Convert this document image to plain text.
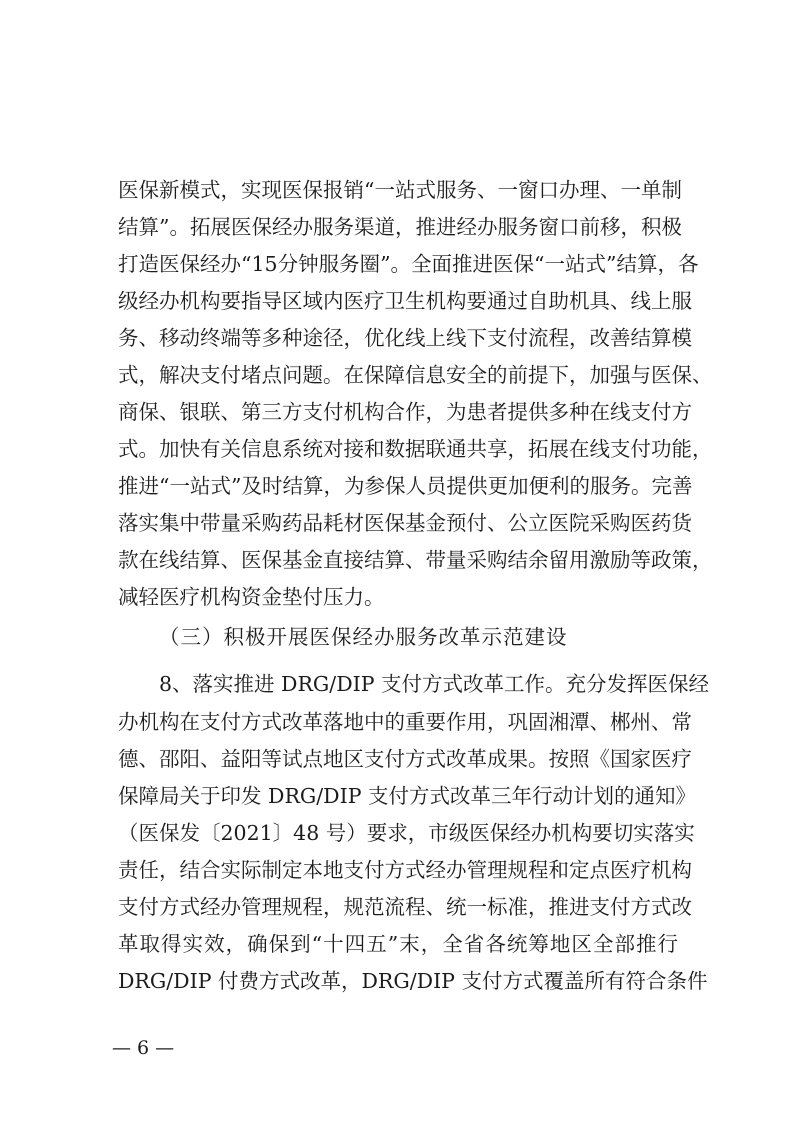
医保新模式，实现医保报销“一站式服务、一窗口办理、一单制
结算”。拓展医保经办服务渠道，推进经办服务窗口前移，积极
打造医保经办“15分钟服务圈”。全面推进医保“一站式”结算，各
级经办机构要指导区域内医疗卫生机构要通过自助机具、线上服
务、移动终端等多种途径，优化线上线下支付流程，改善结算模
式，解决支付堵点问题。在保障信息安全的前提下，加强与医保、
商保、银联、第三方支付机构合作，为患者提供多种在线支付方
式。加快有关信息系统对接和数据联通共享，拓展在线支付功能，
推进“一站式”及时结算，为参保人员提供更加便利的服务。完善
落实集中带量采购药品耗材医保基金预付、公立医院采购医药货
款在线结算、医保基金直接结算、带量采购结余留用激励等政策，
减轻医疗机构资金垫付压力。
（三）积极开展医保经办服务改革示范建设
8、落实推进 DRG/DIP 支付方式改革工作。充分发挥医保经
办机构在支付方式改革落地中的重要作用，巩固湘潭、郴州、常
德、邵阳、益阳等试点地区支付方式改革成果。按照《国家医疗
保障局关于印发 DRG/DIP 支付方式改革三年行动计划的通知》
（医保发〔2021〕48 号）要求，市级医保经办机构要切实落实
责任，结合实际制定本地支付方式经办管理规程和定点医疗机构
支付方式经办管理规程，规范流程、统一标准，推进支付方式改
革取得实效，确保到“十四五”末，全省各统筹地区全部推行
DRG/DIP 付费方式改革，DRG/DIP 支付方式覆盖所有符合条件
— 6 —
